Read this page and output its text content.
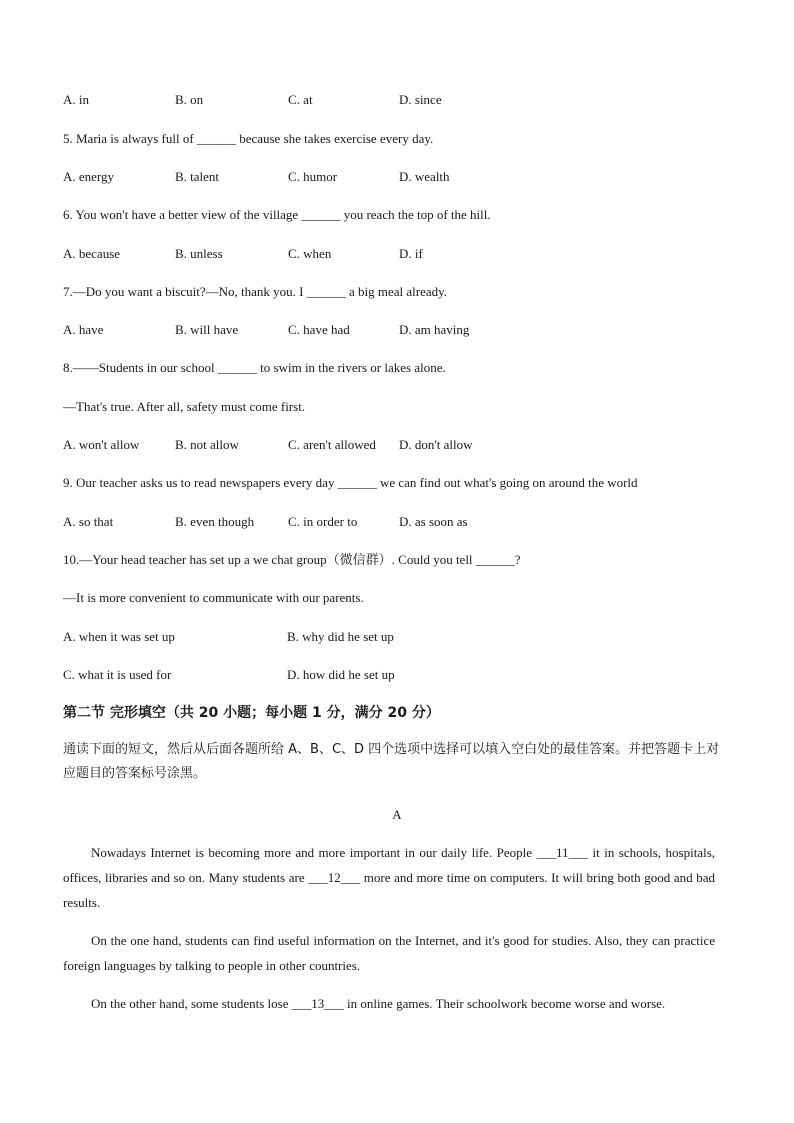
A. in	B. on	C. at	D. since
5. Maria is always full of ______ because she takes exercise every day.
A. energy	B. talent	C. humor	D. wealth
6. You won't have a better view of the village ______ you reach the top of the hill.
A. because	B. unless	C. when	D. if
7.—Do you want a biscuit?—No, thank you. I ______ a big meal already.
A. have	B. will have	C. have had	D. am having
8.——Students in our school ______ to swim in the rivers or lakes alone.
—That's true. After all, safety must come first.
A. won't allow	B. not allow	C. aren't allowed D. don't allow
9. Our teacher asks us to read newspapers every day ______ we can find out what's going on around the world
A. so that	B. even though	C. in order to	D. as soon as
10.—Your head teacher has set up a we chat group（微信群）. Could you tell ______?
—It is more convenient to communicate with our parents.
A. when it was set up	B. why did he set up
C. what it is used for	D. how did he set up
第二节 完形填空（共 20 小题；每小题 1 分，满分 20 分）
通读下面的短文，然后从后面各题所给 A、B、C、D 四个选项中选择可以填入空白处的最佳答案。并把答题卡上对应题目的答案标号涂黑。
A
Nowadays Internet is becoming more and more important in our daily life. People ___11___ it in schools, hospitals, offices, libraries and so on. Many students are ___12___ more and more time on computers. It will bring both good and bad results.
On the one hand, students can find useful information on the Internet, and it's good for studies. Also, they can practice foreign languages by talking to people in other countries.
On the other hand, some students lose ___13___ in online games. Their schoolwork become worse and worse.
